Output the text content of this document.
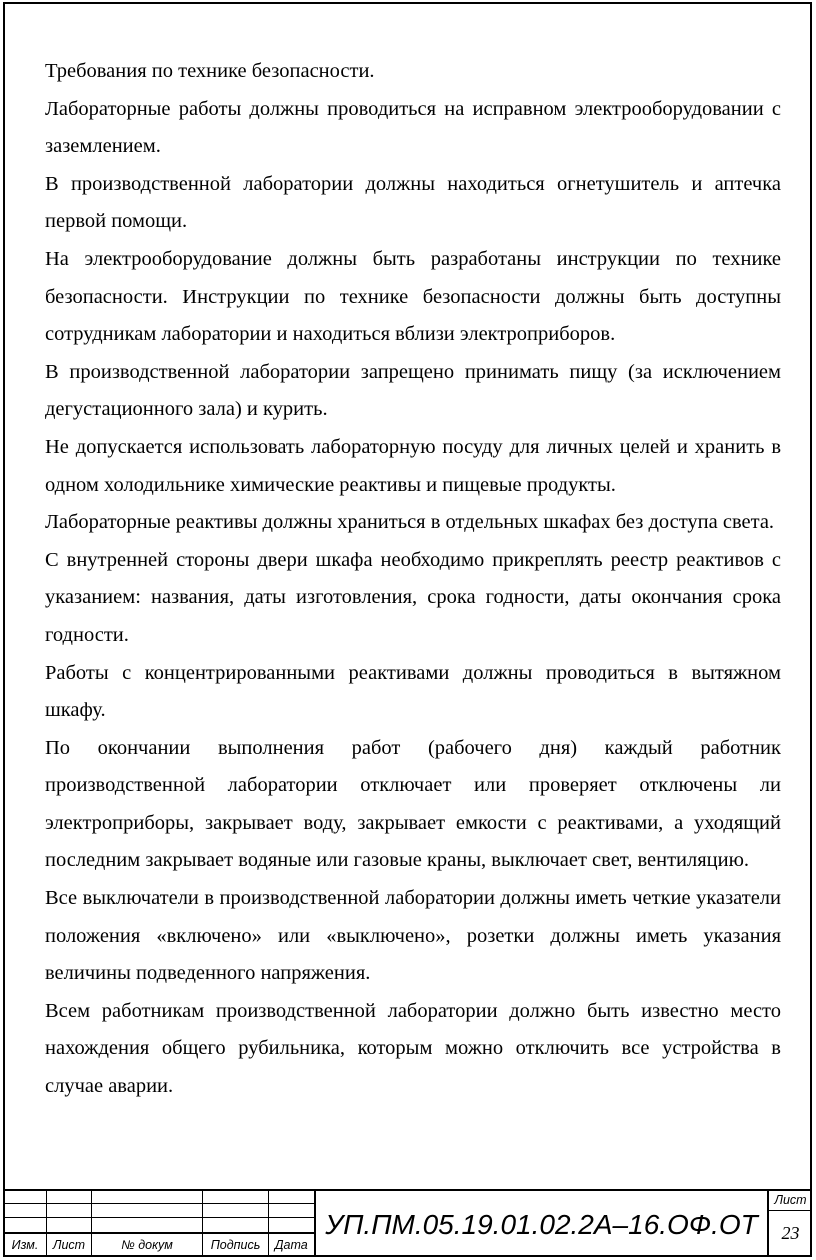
Требования по технике безопасности.

Лабораторные работы должны проводиться на исправном электрооборудовании с заземлением.

В производственной лаборатории должны находиться огнетушитель и аптечка первой помощи.

На электрооборудование должны быть разработаны инструкции по технике безопасности. Инструкции по технике безопасности должны быть доступны сотрудникам лаборатории и находиться вблизи электроприборов.

В производственной лаборатории запрещено принимать пищу (за исключением дегустационного зала) и курить.

Не допускается использовать лабораторную посуду для личных целей и хранить в одном холодильнике химические реактивы и пищевые продукты.

Лабораторные реактивы должны храниться в отдельных шкафах без доступа света.

С внутренней стороны двери шкафа необходимо прикреплять реестр реактивов с указанием: названия, даты изготовления, срока годности, даты окончания срока годности.

Работы с концентрированными реактивами должны проводиться в вытяжном шкафу.

По окончании выполнения работ (рабочего дня) каждый работник производственной лаборатории отключает или проверяет отключены ли электроприборы, закрывает воду, закрывает емкости с реактивами, а уходящий последним закрывает водяные или газовые краны, выключает свет, вентиляцию.

Все выключатели в производственной лаборатории должны иметь четкие указатели положения «включено» или «выключено», розетки должны иметь указания величины подведенного напряжения.

Всем работникам производственной лаборатории должно быть известно место нахождения общего рубильника, которым можно отключить все устройства в случае аварии.

Изм.	Лист	№ докум	Подпись	Дата
УП.ПМ.05.19.01.02.2А–16.ОФ.ОТ
Лист
23
